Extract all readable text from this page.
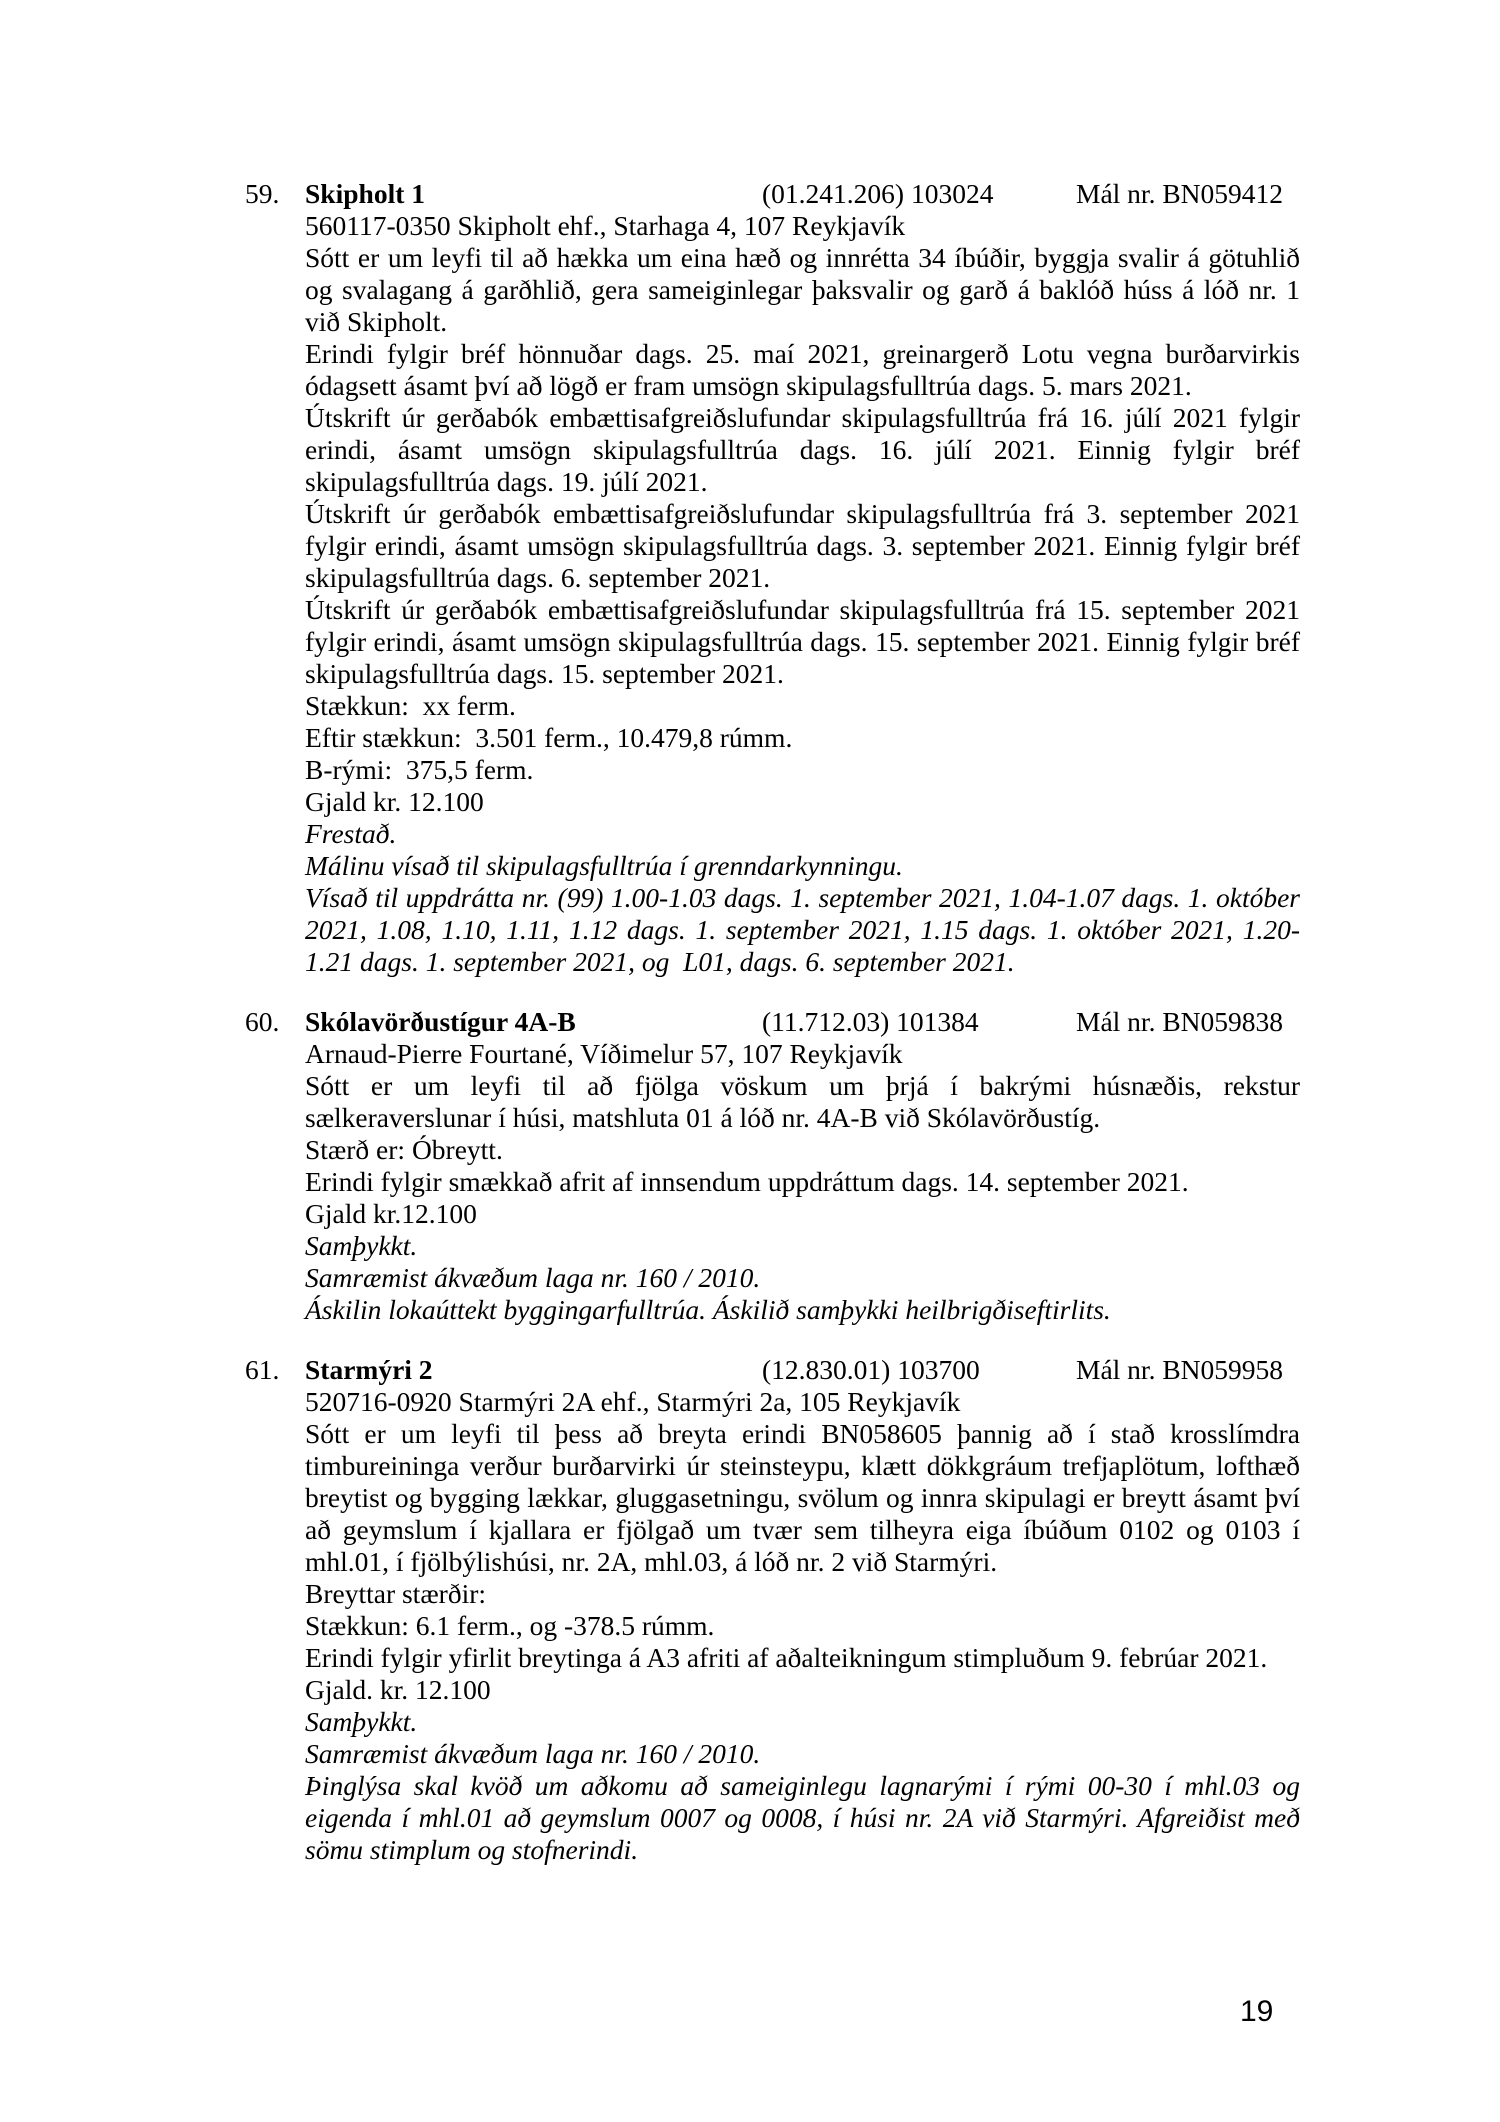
59. Skipholt 1	(01.241.206) 103024	Mál nr. BN059412

560117-0350 Skipholt ehf., Starhaga 4, 107 Reykjavík

Sótt er um leyfi til að hækka um eina hæð og innrétta 34 íbúðir, byggja svalir á götuhlið og svalagang á garðhlið, gera sameiginlegar þaksvalir og garð á baklóð húss á lóð nr. 1 við Skipholt.

Erindi fylgir bréf hönnuðar dags. 25. maí 2021, greinargerð Lotu vegna burðarvirkis ódagsett ásamt því að lögð er fram umsögn skipulagsfulltrúa dags. 5. mars 2021.

Útskrift úr gerðabók embættisafgreiðslufundar skipulagsfulltrúa frá 16. júlí 2021 fylgir erindi, ásamt umsögn skipulagsfulltrúa dags. 16. júlí 2021. Einnig fylgir bréf skipulagsfulltrúa dags. 19. júlí 2021.

Útskrift úr gerðabók embættisafgreiðslufundar skipulagsfulltrúa frá 3. september 2021 fylgir erindi, ásamt umsögn skipulagsfulltrúa dags. 3. september 2021. Einnig fylgir bréf skipulagsfulltrúa dags. 6. september 2021.

Útskrift úr gerðabók embættisafgreiðslufundar skipulagsfulltrúa frá 15. september 2021 fylgir erindi, ásamt umsögn skipulagsfulltrúa dags. 15. september 2021. Einnig fylgir bréf skipulagsfulltrúa dags. 15. september 2021.

Stækkun:  xx ferm.

Eftir stækkun:  3.501 ferm., 10.479,8 rúmm.

B-rými:  375,5 ferm.

Gjald kr. 12.100

Frestað.

Málinu vísað til skipulagsfulltrúa í grenndarkynningu.

Vísað til uppdrátta nr. (99) 1.00-1.03 dags. 1. september 2021, 1.04-1.07 dags. 1. október 2021, 1.08, 1.10, 1.11, 1.12 dags. 1. september 2021, 1.15 dags. 1. október 2021, 1.20-1.21 dags. 1. september 2021, og  L01, dags. 6. september 2021.

60. Skólavörðustígur 4A-B	(11.712.03) 101384	Mál nr. BN059838

Arnaud-Pierre Fourtané, Víðimelur 57, 107 Reykjavík

Sótt er um leyfi til að fjölga vöskum um þrjá í bakrými húsnæðis, rekstur sælkeraverslunar í húsi, matshluta 01 á lóð nr. 4A-B við Skólavörðustíg.

Stærð er: Óbreytt.

Erindi fylgir smækkað afrit af innsendum uppdráttum dags. 14. september 2021.

Gjald kr.12.100

Samþykkt.

Samræmist ákvæðum laga nr. 160 / 2010.

Áskilin lokaúttekt byggingarfulltrúa. Áskilið samþykki heilbrigðiseftirlits.

61. Starmýri 2	(12.830.01) 103700	Mál nr. BN059958

520716-0920 Starmýri 2A ehf., Starmýri 2a, 105 Reykjavík

Sótt er um leyfi til þess að breyta erindi BN058605 þannig að í stað krosslímdra timbureininga verður burðarvirki úr steinsteypu, klætt dökkgráum trefjaplötum, lofthæð breytist og bygging lækkar, gluggasetningu, svölum og innra skipulagi er breytt ásamt því að geymslum í kjallara er fjölgað um tvær sem tilheyra eiga íbúðum 0102 og 0103 í mhl.01, í fjölbýlishúsi, nr. 2A, mhl.03, á lóð nr. 2 við Starmýri.

Breyttar stærðir:

Stækkun: 6.1 ferm., og -378.5 rúmm.

Erindi fylgir yfirlit breytinga á A3 afriti af aðalteikningum stimpluðum 9. febrúar 2021.

Gjald. kr. 12.100

Samþykkt.

Samræmist ákvæðum laga nr. 160 / 2010.

Þinglýsa skal kvöð um aðkomu að sameiginlegu lagnarými í rými 00-30 í mhl.03 og eigenda í mhl.01 að geymslum 0007 og 0008, í húsi nr. 2A við Starmýri. Afgreiðist með sömu stimplum og stofnerindi.

19
